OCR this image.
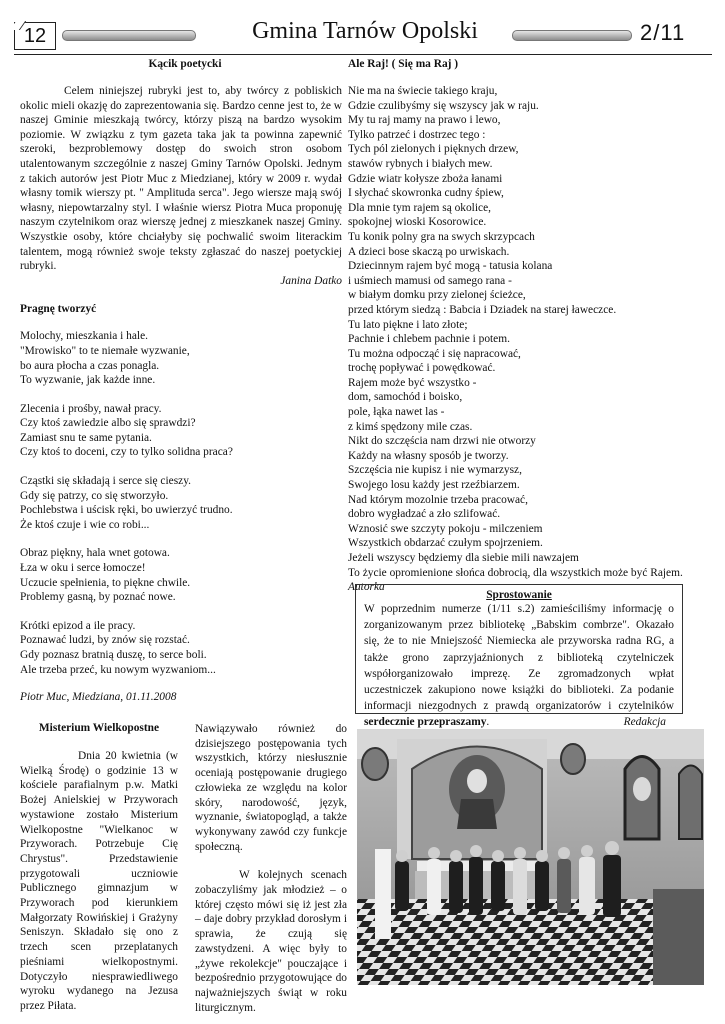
12	Gmina Tarnów Opolski	2/11
Kącik poetycki

Celem niniejszej rubryki jest to, aby twórcy z pobliskich okolic mieli okazję do zaprezentowania się. Bardzo cenne jest to, że w naszej Gminie mieszkają twórcy, którzy piszą na bardzo wysokim poziomie. W związku z tym gazeta taka jak ta powinna zapewnić szeroki, bezproblemowy dostęp do swoich stron osobom utalentowanym szczególnie z naszej Gminy Tarnów Opolski. Jednym z takich autorów jest Piotr Muc z Miedzianej, który w 2009 r. wydał własny tomik wierszy pt. " Amplituda serca". Jego wiersze mają swój własny, niepowtarzalny styl. I właśnie wiersz Piotra Muca proponuję naszym czytelnikom oraz wierszę jednej z mieszkanek naszej Gminy. Wszystkie osoby, które chciałyby się pochwalić swoim literackim talentem, mogą również swoje teksty zgłaszać do naszej poetyckiej rubryki.

Janina Datko
Pragnę tworzyć

Molochy, mieszkania i hale.

"Mrowisko" to te niemałe wyzwanie,

bo aura płocha a czas ponagla.

To wyzwanie, jak każde inne.

Zlecenia i prośby, nawał pracy.

Czy ktoś zawiedzie albo się sprawdzi?

Zamiast snu te same pytania.

Czy ktoś to doceni, czy to tylko solidna praca?

Cząstki się składają i serce się cieszy.

Gdy się patrzy, co się stworzyło.

Pochlebstwa i uścisk ręki, bo uwierzyć trudno.

Że ktoś czuje i wie co robi...

Obraz piękny, hala wnet gotowa.

Łza w oku i serce łomocze!

Uczucie spełnienia, to piękne chwile.

Problemy gasną, by poznać nowe.

Krótki epizod a ile pracy.

Poznawać ludzi, by znów się rozstać.

Gdy poznasz bratnią duszę, to serce boli.

Ale trzeba przeć, ku nowym wyzwaniom...

Piotr Muc, Miedziana, 01.11.2008
Ale Raj! ( Się ma Raj )

Nie ma na świecie takiego kraju,

Gdzie czulibyśmy się wszyscy jak w raju.

My tu raj mamy na prawo i lewo,

Tylko patrzeć i dostrzec tego :

Tych pól zielonych i pięknych drzew,

stawów rybnych i białych mew.

Gdzie wiatr kołysze zboża łanami

I słychać skowronka cudny śpiew,

Dla mnie tym rajem są okolice,

spokojnej wioski Kosorowice.

Tu konik polny gra na swych skrzypcach

A dzieci bose skaczą po urwiskach.

Dziecinnym rajem być mogą - tatusia kolana

i uśmiech mamusi od samego rana -

w białym domku przy zielonej ścieżce,

przed którym siedzą : Babcia i Dziadek na starej ławeczce.

Tu lato piękne i lato złote;

Pachnie i chlebem pachnie i potem.

Tu można odpocząć i się napracować,

trochę popływać i powędkować.

Rajem może być wszystko -

dom, samochód i boisko,

pole, łąka nawet las -

z kimś spędzony mile czas.

Nikt do szczęścia nam drzwi nie otworzy

Każdy na własny sposób je tworzy.

Szczęścia nie kupisz i nie wymarzysz,

Swojego losu każdy jest rzeźbiarzem.

Nad którym mozolnie trzeba pracować,

dobro wygładzać a zło szlifować.

Wznosić swe szczyty pokoju - milczeniem

Wszystkich obdarzać czułym spojrzeniem.

Jeżeli wszyscy będziemy dla siebie mili nawzajem

To życie opromienione słońca dobrocią, dla wszystkich może być Rajem.

Autorka
Sprostowanie

W poprzednim numerze (1/11 s.2) zamieściliśmy informację o zorganizowanym przez bibliotekę „Babskim combrze". Okazało się, że to nie Mniejszość Niemiecka ale przyworska radna RG, a także grono zaprzyjaźnionych z biblioteką czytelniczek współorganizowało imprezę. Ze zgromadzonych wpłat uczestniczek zakupiono nowe książki do biblioteki. Za podanie informacji niezgodnych z prawdą organizatorów i czytelników serdecznie przepraszamy.	Redakcja

Misterium Wielkopostne

Dnia 20 kwietnia (w Wielką Środę) o godzinie 13 w kościele parafialnym p.w. Matki Bożej Anielskiej w Przyworach wystawione zostało Misterium Wielkopostne "Wielkanoc w Przyworach. Potrzebuje Cię Chrystus". Przedstawienie przygotowali uczniowie Publicznego gimnazjum w Przyworach pod kierunkiem Małgorzaty Rowińskiej i Grażyny Seniszyn. Składało się ono z trzech scen przeplatanych pieśniami wielkopostnymi. Dotyczyło niesprawiedliwego wyroku wydanego na Jezusa przez Piłata.

Nawiązywało również do dzisiejszego postępowania tych wszystkich, którzy niesłusznie oceniają postępowanie drugiego człowieka ze względu na kolor skóry, narodowość, język, wyznanie, światopogląd, a także wykonywany zawód czy funkcje społeczną.

W kolejnych scenach zobaczyliśmy jak młodzież – o której często mówi się iż jest zła – daje dobry przykład dorosłym i sprawia, że czują się zawstydzeni. A więc były to „żywe rekolekcje" pouczające i bezpośrednio przygotowujące do najważniejszych świąt w roku liturgicznym.
